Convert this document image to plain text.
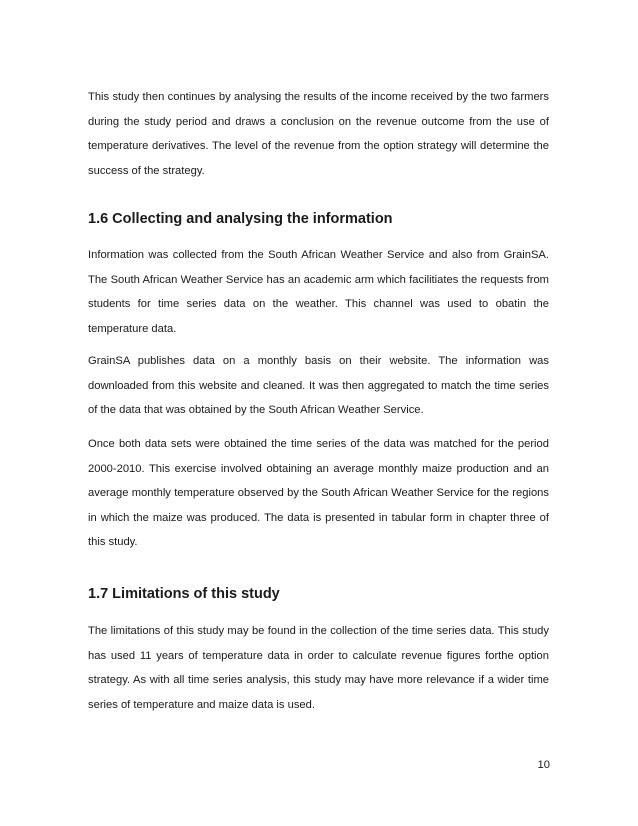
This study then continues by analysing the results of the income received by the two farmers during the study period and draws a conclusion on the revenue outcome from the use of temperature derivatives. The level of the revenue from the option strategy will determine the success of the strategy.

1.6 Collecting and analysing the information

Information was collected from the South African Weather Service and also from GrainSA. The South African Weather Service has an academic arm which facilitiates the requests from students for time series data on the weather. This channel was used to obatin the temperature data.

GrainSA publishes data on a monthly basis on their website. The information was downloaded from this website and cleaned. It was then aggregated to match the time series of the data that was obtained by the South African Weather Service.

Once both data sets were obtained the time series of the data was matched for the period 2000-2010. This exercise involved obtaining an average monthly maize production and an average monthly temperature observed by the South African Weather Service for the regions in which the maize was produced. The data is presented in tabular form in chapter three of this study.

1.7 Limitations of this study

The limitations of this study may be found in the collection of the time series data. This study has used 11 years of temperature data in order to calculate revenue figures forthe option strategy. As with all time series analysis, this study may have more relevance if a wider time series of temperature and maize data is used.

10
